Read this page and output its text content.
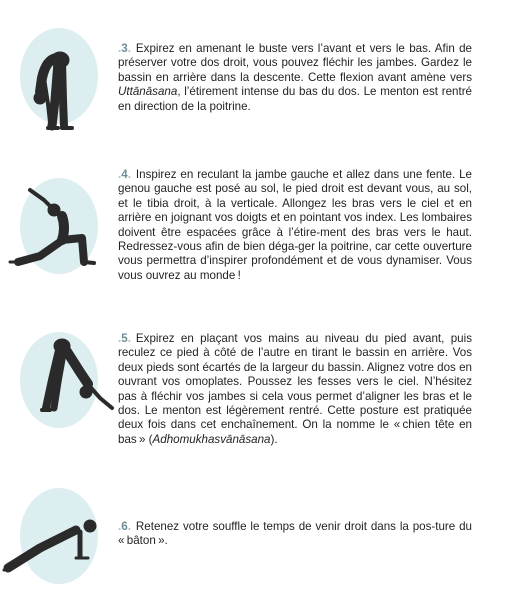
.3. Expirez en amenant le buste vers l’avant et vers le bas. Afin de préserver votre dos droit, vous pouvez fléchir les jambes. Gardez le bassin en arrière dans la descente. Cette flexion avant amène vers Uttānāsana, l’étirement intense du bas du dos. Le menton est rentré en direction de la poitrine.

.4. Inspirez en reculant la jambe gauche et allez dans une fente. Le genou gauche est posé au sol, le pied droit est devant vous, au sol, et le tibia droit, à la verticale. Allongez les bras vers le ciel et en arrière en joignant vos doigts et en pointant vos index. Les lombaires doivent être espacées grâce à l’étire-ment des bras vers le haut. Redressez-vous afin de bien déga-ger la poitrine, car cette ouverture vous permettra d’inspirer profondément et de vous dynamiser. Vous vous ouvrez au monde !

.5. Expirez en plaçant vos mains au niveau du pied avant, puis reculez ce pied à côté de l’autre en tirant le bassin en arrière. Vos deux pieds sont écartés de la largeur du bassin. Alignez votre dos en ouvrant vos omoplates. Poussez les fesses vers le ciel. N’hésitez pas à fléchir vos jambes si cela vous permet d’aligner les bras et le dos. Le menton est légèrement rentré. Cette posture est pratiquée deux fois dans cet enchaînement. On la nomme le « chien tête en bas » (Adhomukhasvānāsana).

.6. Retenez votre souffle le temps de venir droit dans la pos-ture du « bâton ».
